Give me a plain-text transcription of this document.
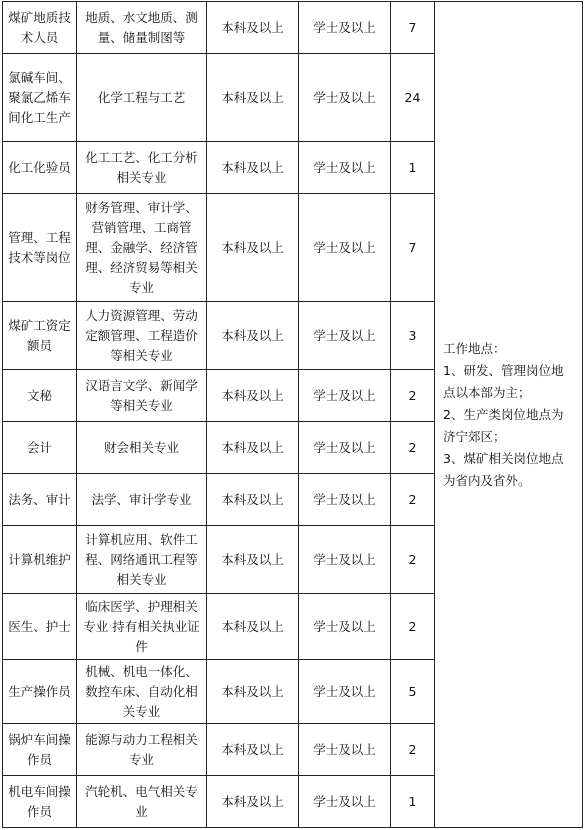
煤矿地质技术人员	地质、水文地质、测量、储量制图等	本科及以上	学士及以上	7	工作地点：
1、研发、管理岗位地点以本部为主；
2、生产类岗位地点为济宁郊区；
3、煤矿相关岗位地点为省内及省外。

氯碱车间、聚氯乙烯车间化工生产	化学工程与工艺	本科及以上	学士及以上	24	
化工化验员	化工工艺、化工分析相关专业	本科及以上	学士及以上	1	
管理、工程技术等岗位	财务管理、审计学、营销管理、工商管理、金融学、经济管理、经济贸易等相关专业	本科及以上	学士及以上	7	
煤矿工资定额员	人力资源管理、劳动定额管理、工程造价等相关专业	本科及以上	学士及以上	3	
文秘	汉语言文学、新闻学等相关专业	本科及以上	学士及以上	2	
会计	财会相关专业	本科及以上	学士及以上	2	
法务、审计	法学、审计学专业	本科及以上	学士及以上	2	
计算机维护	计算机应用、软件工程、网络通讯工程等相关专业	本科及以上	学士及以上	2	
医生、护士	临床医学、护理相关专业 持有相关执业证件	本科及以上	学士及以上	2	
生产操作员	机械、机电一体化、数控车床、自动化相关专业	本科及以上	学士及以上	5	
锅炉车间操作员	能源与动力工程相关专业	本科及以上	学士及以上	2	
机电车间操作员	汽轮机、电气相关专业	本科及以上	学士及以上	1	
